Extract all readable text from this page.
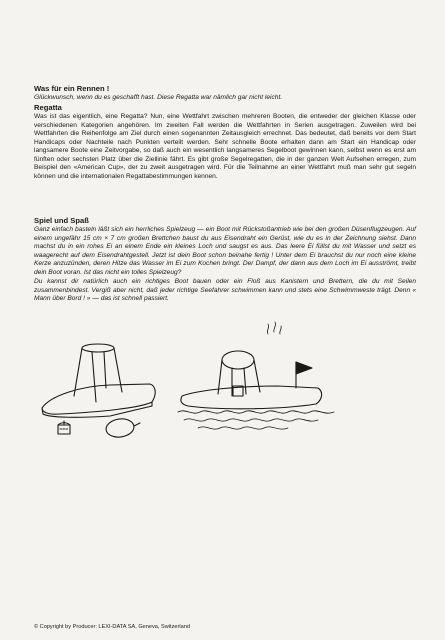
Was für ein Rennen !

Glückwunsch, wenn du es geschafft hast. Diese Regatta war nämlich gar nicht leicht.

Regatta

Was ist das eigentlich, eine Regatta? Nun, eine Wettfahrt zwischen mehreren Booten, die entweder der gleichen Klasse oder verschiedenen Kategorien angehören. Im zweiten Fall werden die Wettfahrten in Serien ausgetragen. Zuweilen wird bei Wettfahrten die Reihenfolge am Ziel durch einen sogenannten Zeitausgleich errechnet. Das bedeutet, daß bereits vor dem Start Handicaps oder Nachteile nach Punkten verteilt werden. Sehr schnelle Boote erhalten dann am Start ein Handicap oder langsamere Boote eine Zeitvorgabe, so daß auch ein wesentlich langsameres Segelboot gewinnen kann, selbst wenn es erst am fünften oder sechsten Platz über die Ziellinie fährt. Es gibt große Segelregatten, die in der ganzen Welt Aufsehen erregen, zum Beispiel den «American Cup», der zu zweit ausgetragen wird. Für die Teilnahme an einer Wettfahrt muß man sehr gut segeln können und die internationalen Regattabestimmungen kennen.

Spiel und Spaß

Ganz einfach basteln läßt sich ein herrliches Spielzeug — ein Boot mit Rückstoßantrieb wie bei den großen Düsenflugzeugen. Auf einem ungefähr 15 cm × 7 cm großen Brettchen baust du aus Eisendraht ein Gerüst, wie du es in der Zeichnung siehst. Dann machst du in ein rohes Ei an einem Ende ein kleines Loch und saugst es aus. Das leere Ei füllst du mit Wasser und setzt es waagerecht auf dem Eisendrahtgestell. Jetzt ist dein Boot schon beinahe fertig ! Unter dem Ei brauchst du nur noch eine kleine Kerze anzuzünden, deren Hitze das Wasser im Ei zum Kochen bringt. Der Dampf, der dann aus dem Loch im Ei ausströmt, treibt dein Boot voran. Ist das nicht ein tolles Spielzeug?

Du kannst dir natürlich auch ein richtiges Boot bauen oder ein Floß aus Kanistern und Brettern, die du mit Seilen zusammenbindest. Vergiß aber nicht, daß jeder richtige Seefahrer schwimmen kann und stets eine Schwimmweste trägt. Denn « Mann über Bord ! » — das ist schnell passiert.

© Copyright by Producer: LEXI-DATA SA, Geneva, Switzerland
